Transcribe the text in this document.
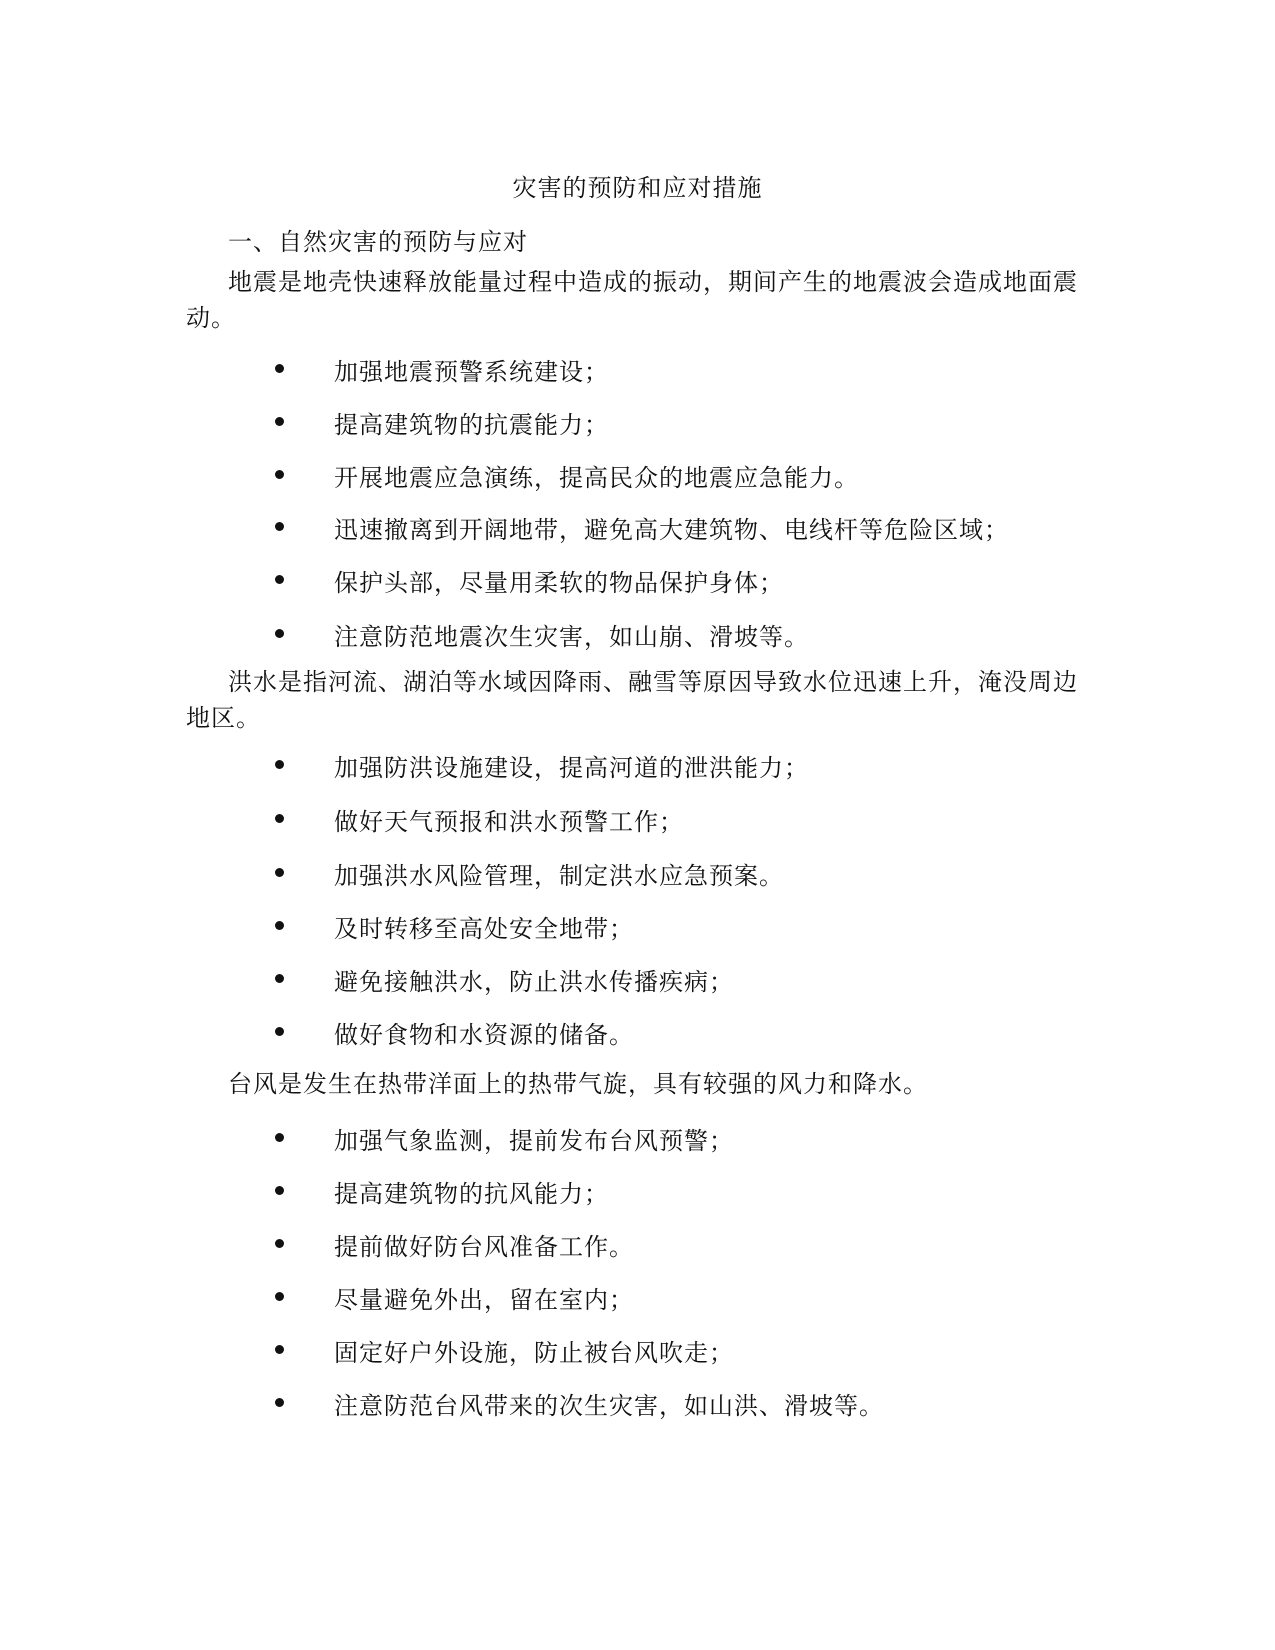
灾害的预防和应对措施
一、自然灾害的预防与应对
地震是地壳快速释放能量过程中造成的振动，期间产生的地震波会造成地面震动。
加强地震预警系统建设；
提高建筑物的抗震能力；
开展地震应急演练，提高民众的地震应急能力。
迅速撤离到开阔地带，避免高大建筑物、电线杆等危险区域；
保护头部，尽量用柔软的物品保护身体；
注意防范地震次生灾害，如山崩、滑坡等。
洪水是指河流、湖泊等水域因降雨、融雪等原因导致水位迅速上升，淹没周边地区。
加强防洪设施建设，提高河道的泄洪能力；
做好天气预报和洪水预警工作；
加强洪水风险管理，制定洪水应急预案。
及时转移至高处安全地带；
避免接触洪水，防止洪水传播疾病；
做好食物和水资源的储备。
台风是发生在热带洋面上的热带气旋，具有较强的风力和降水。
加强气象监测，提前发布台风预警；
提高建筑物的抗风能力；
提前做好防台风准备工作。
尽量避免外出，留在室内；
固定好户外设施，防止被台风吹走；
注意防范台风带来的次生灾害，如山洪、滑坡等。
